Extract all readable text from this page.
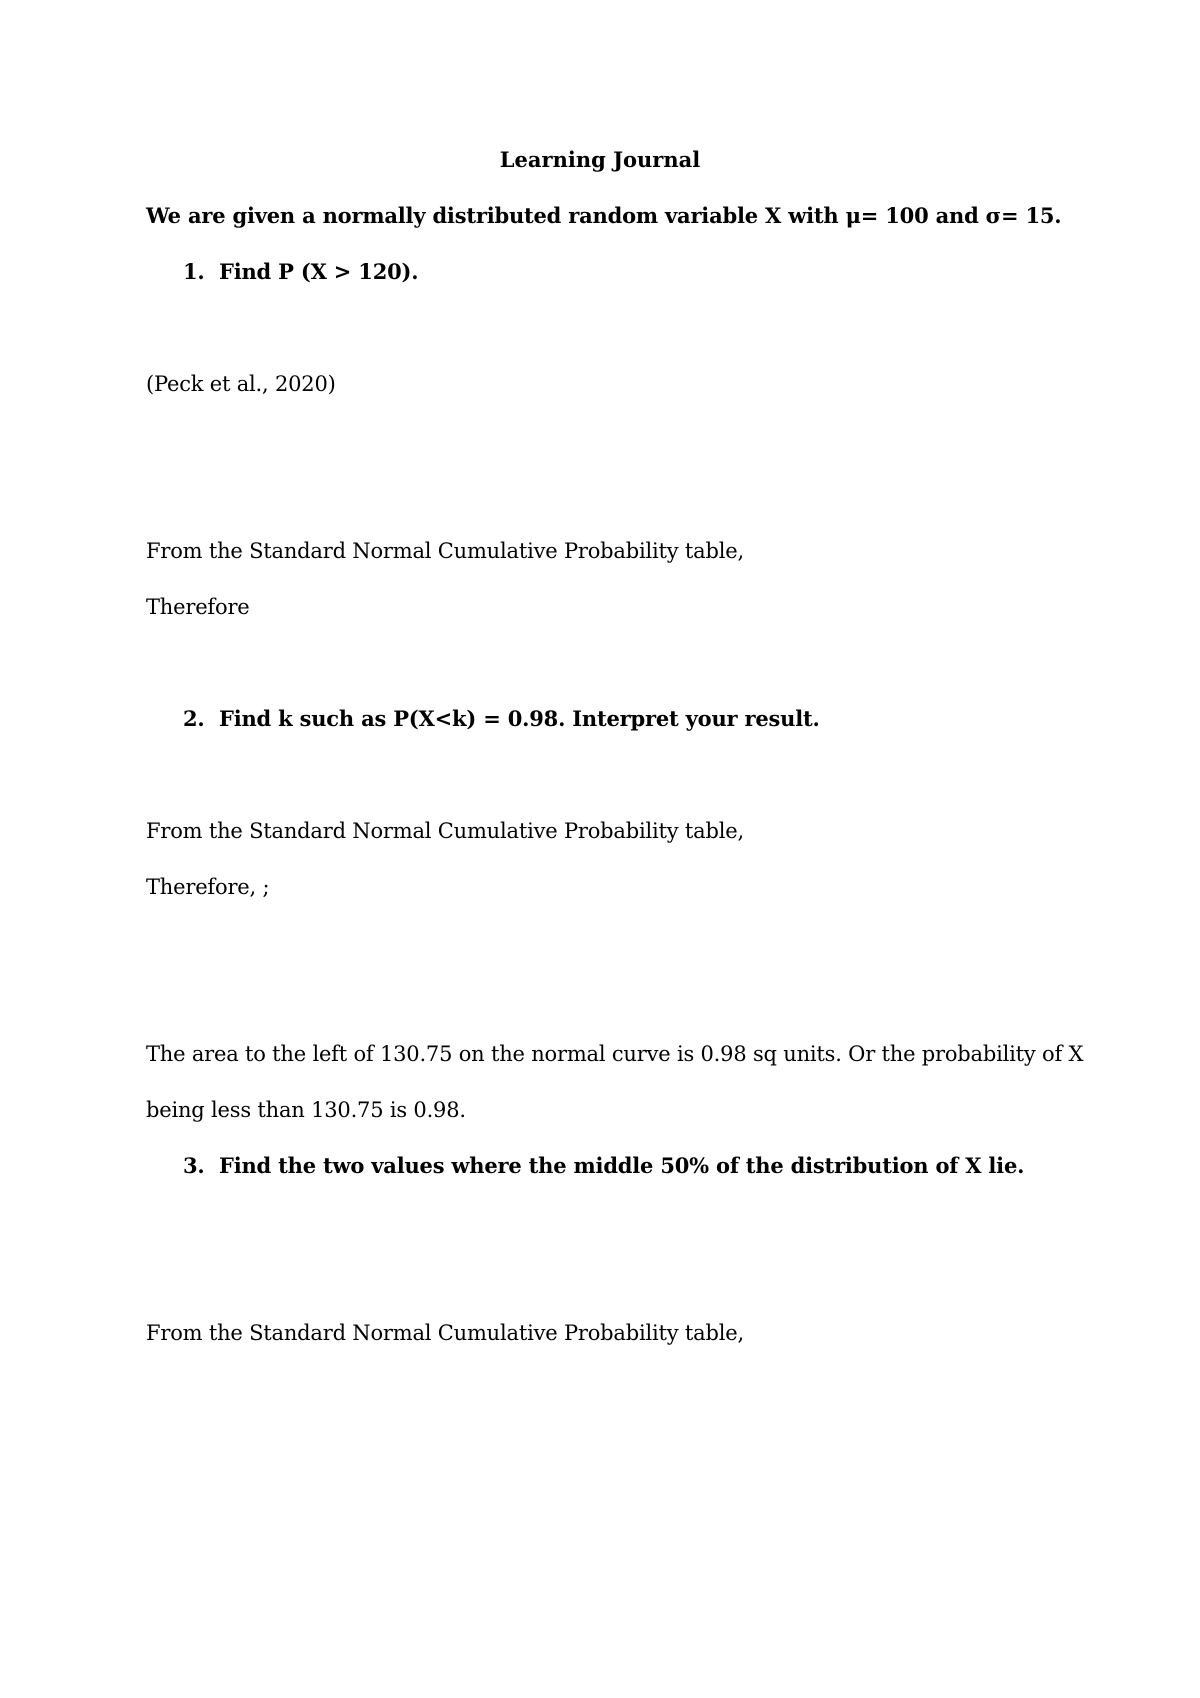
Learning Journal
We are given a normally distributed random variable X with μ= 100 and σ= 15.
1. Find P (X > 120).
(Peck et al., 2020)
From the Standard Normal Cumulative Probability table,
Therefore
2. Find k such as P(X<k) = 0.98. Interpret your result.
From the Standard Normal Cumulative Probability table,
Therefore, ;
The area to the left of 130.75 on the normal curve is 0.98 sq units. Or the probability of X
being less than 130.75 is 0.98.
3. Find the two values where the middle 50% of the distribution of X lie.
From the Standard Normal Cumulative Probability table,
